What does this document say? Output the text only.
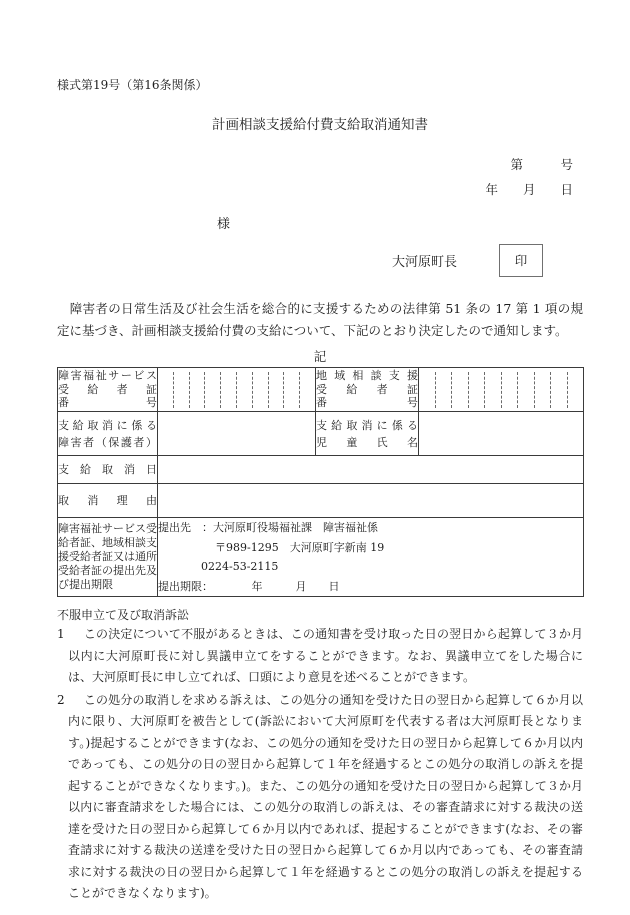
様式第19号（第16条関係）
計画相談支援給付費支給取消通知書
第　　　号
年　　月　　日
様
大河原町長	印
　障害者の日常生活及び社会生活を総合的に支援するための法律第 51 条の 17 第 1 項の規定に基づき、計画相談支援給付費の支給について、下記のとおり決定したので通知します。
記
障害福祉サービス
受給者証
番号		地域相談支援
受給者証
番号	

支給取消に係る
障害者（保護者）		支給取消に係る
児童氏名	

支給取消日			

取消理由			

障害福祉サービス受給者証、地域相談支援受給者証又は通所受給者証の提出先及び提出期限	提出先　：大河原町役場福祉課　障害福祉係
〒989-1295　大河原町字新南 19
0224-53-2115
提出期限：　　　　年　　　月　　日		
不服申立て及び取消訴訟
1 この決定について不服があるときは、この通知書を受け取った日の翌日から起算して３か月以内に大河原町長に対し異議申立てをすることができます。なお、異議申立てをした場合には、大河原町長に申し立てれば、口頭により意見を述べることができます。
2 この処分の取消しを求める訴えは、この処分の通知を受けた日の翌日から起算して６か月以内に限り、大河原町を被告として(訴訟において大河原町を代表する者は大河原町長となります。)提起することができます(なお、この処分の通知を受けた日の翌日から起算して６か月以内であっても、この処分の日の翌日から起算して１年を経過するとこの処分の取消しの訴えを提起することができなくなります。)。また、この処分の通知を受けた日の翌日から起算して３か月以内に審査請求をした場合には、この処分の取消しの訴えは、その審査請求に対する裁決の送達を受けた日の翌日から起算して６か月以内であれば、提起することができます(なお、その審査請求に対する裁決の送達を受けた日の翌日から起算して６か月以内であっても、その審査請求に対する裁決の日の翌日から起算して１年を経過するとこの処分の取消しの訴えを提起することができなくなります)。
